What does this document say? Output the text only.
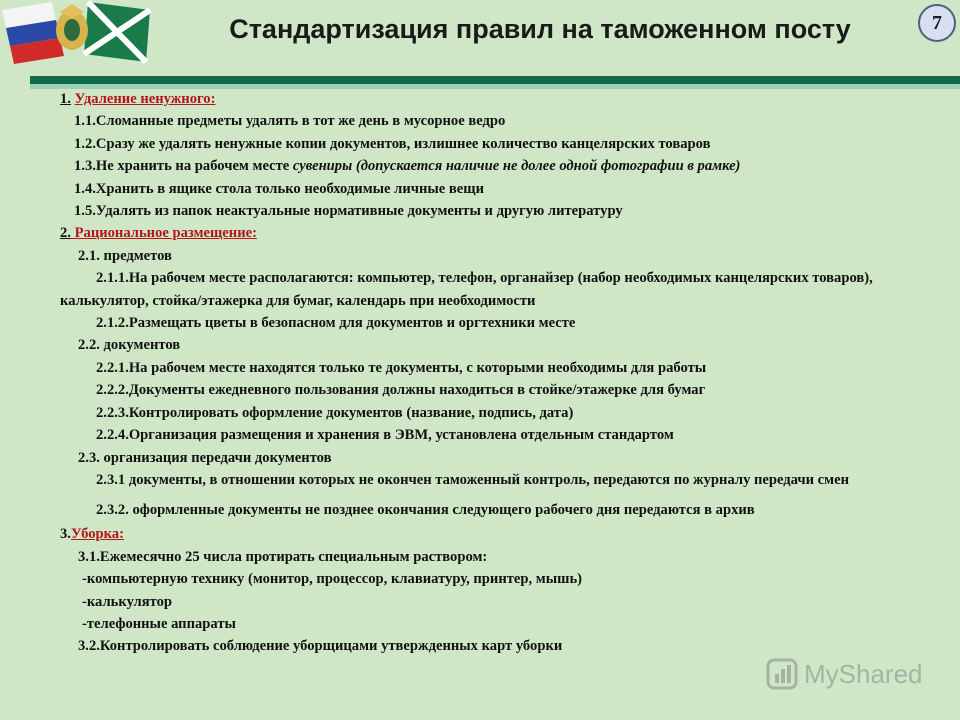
Стандартизация правил на таможенном посту	7
1. Удаление ненужного:
1.1.Сломанные предметы удалять в тот же день в мусорное ведро
1.2.Сразу же удалять ненужные копии документов, излишнее количество канцелярских товаров
1.3.Не хранить на рабочем месте сувениры (допускается наличие не долее одной фотографии в рамке)
1.4.Хранить в ящике стола только необходимые личные вещи
1.5.Удалять из папок неактуальные нормативные документы и другую литературу
2. Рациональное размещение:
2.1. предметов
2.1.1.На рабочем месте располагаются: компьютер, телефон, органайзер (набор необходимых канцелярских товаров), калькулятор, стойка/этажерка для бумаг, календарь при необходимости
2.1.2.Размещать цветы в безопасном для документов и оргтехники месте
2.2. документов
2.2.1.На рабочем месте находятся только те документы, с которыми необходимы для работы
2.2.2.Документы ежедневного пользования должны находиться в стойке/этажерке для бумаг
2.2.3.Контролировать оформление документов (название, подпись, дата)
2.2.4.Организация размещения и хранения в ЭВМ, установлена отдельным стандартом
2.3. организация передачи документов
2.3.1 документы, в отношении которых не окончен таможенный контроль, передаются по журналу передачи смен
2.3.2. оформленные документы не позднее окончания следующего рабочего дня передаются в архив
3.Уборка:
3.1.Ежемесячно 25 числа протирать специальным раствором:
-компьютерную технику (монитор, процессор, клавиатуру, принтер, мышь)
-калькулятор
-телефонные аппараты
3.2.Контролировать соблюдение уборщицами утвержденных карт уборки
MyShared
